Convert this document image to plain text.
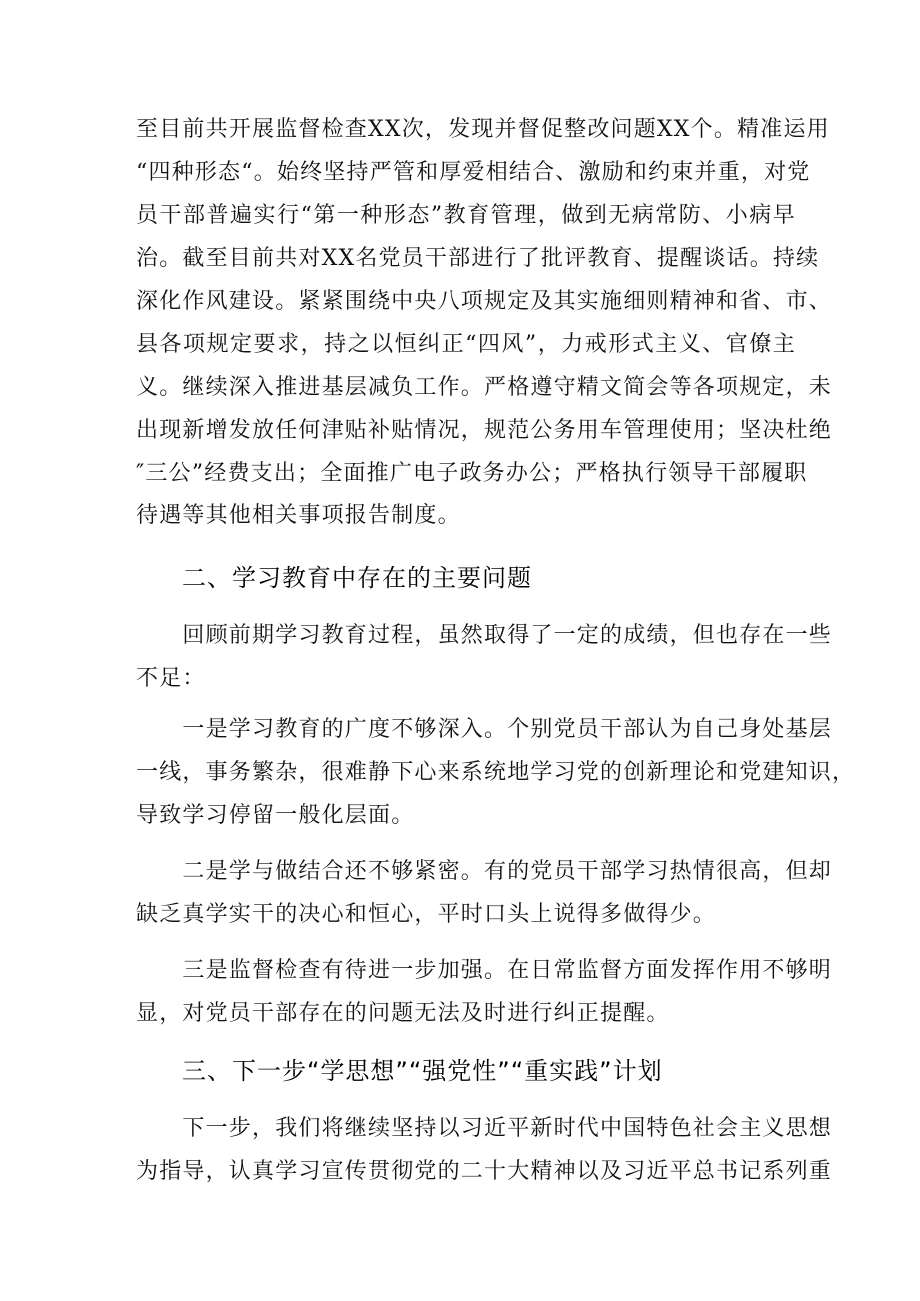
至目前共开展监督检查XX次，发现并督促整改问题XX个。精准运用
“四种形态“。始终坚持严管和厚爱相结合、激励和约束并重，对党
员干部普遍实行“第一种形态”教育管理，做到无病常防、小病早
治。截至目前共对XX名党员干部进行了批评教育、提醒谈话。持续
深化作风建设。紧紧围绕中央八项规定及其实施细则精神和省、市、
县各项规定要求，持之以恒纠正“四风”，力戒形式主义、官僚主
义。继续深入推进基层减负工作。严格遵守精文简会等各项规定，未
出现新增发放任何津贴补贴情况，规范公务用车管理使用；坚决杜绝
″三公”经费支出；全面推广电子政务办公；严格执行领导干部履职
待遇等其他相关事项报告制度。
二、学习教育中存在的主要问题
　　回顾前期学习教育过程，虽然取得了一定的成绩，但也存在一些
不足：
　　一是学习教育的广度不够深入。个别党员干部认为自己身处基层
一线，事务繁杂，很难静下心来系统地学习党的创新理论和党建知识，
导致学习停留一般化层面。
　　二是学与做结合还不够紧密。有的党员干部学习热情很高，但却
缺乏真学实干的决心和恒心，平时口头上说得多做得少。
　　三是监督检查有待进一步加强。在日常监督方面发挥作用不够明
显，对党员干部存在的问题无法及时进行纠正提醒。
三、下一步“学思想”“强党性”“重实践”计划
　　下一步，我们将继续坚持以习近平新时代中国特色社会主义思想
为指导，认真学习宣传贯彻党的二十大精神以及习近平总书记系列重
